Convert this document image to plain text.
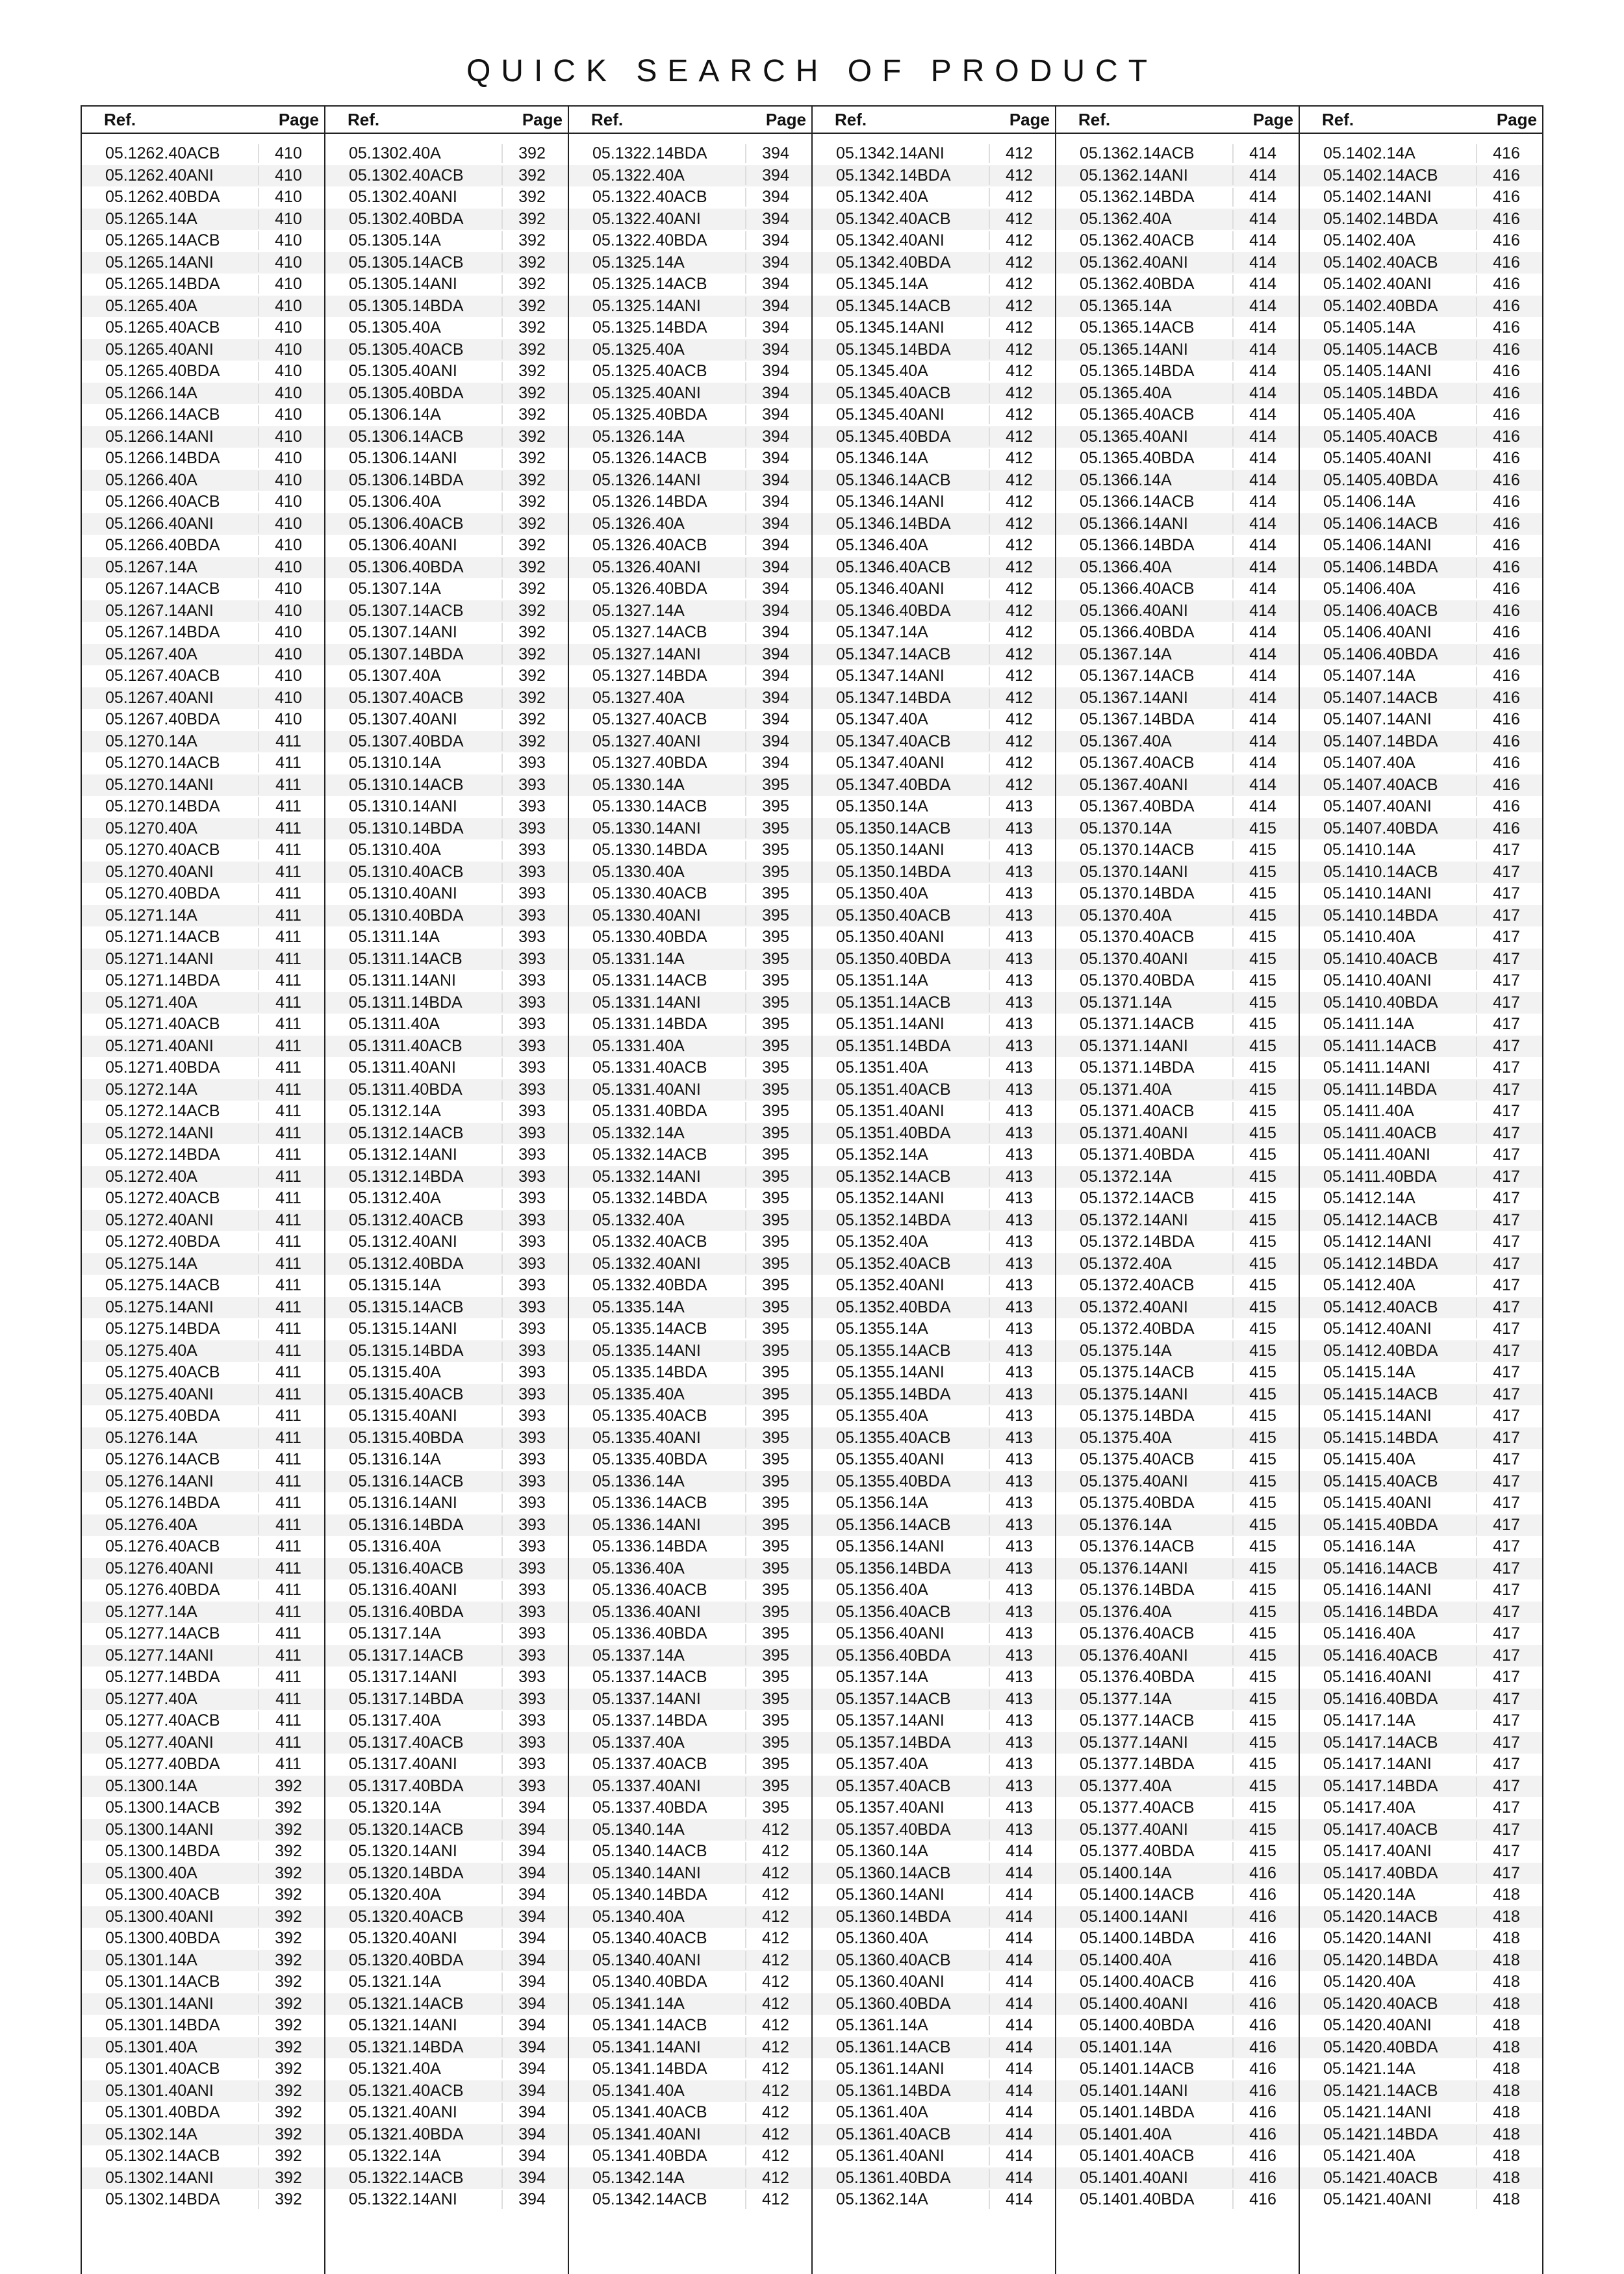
QUICK SEARCH OF PRODUCT
Ref.	Page
05.1262.40ACB	410
05.1262.40ANI	410
05.1262.40BDA	410
05.1265.14A	410
05.1265.14ACB	410
05.1265.14ANI	410
05.1265.14BDA	410
05.1265.40A	410
05.1265.40ACB	410
05.1265.40ANI	410
05.1265.40BDA	410
05.1266.14A	410
05.1266.14ACB	410
05.1266.14ANI	410
05.1266.14BDA	410
05.1266.40A	410
05.1266.40ACB	410
05.1266.40ANI	410
05.1266.40BDA	410
05.1267.14A	410
05.1267.14ACB	410
05.1267.14ANI	410
05.1267.14BDA	410
05.1267.40A	410
05.1267.40ACB	410
05.1267.40ANI	410
05.1267.40BDA	410
05.1270.14A	411
05.1270.14ACB	411
05.1270.14ANI	411
05.1270.14BDA	411
05.1270.40A	411
05.1270.40ACB	411
05.1270.40ANI	411
05.1270.40BDA	411
05.1271.14A	411
05.1271.14ACB	411
05.1271.14ANI	411
05.1271.14BDA	411
05.1271.40A	411
05.1271.40ACB	411
05.1271.40ANI	411
05.1271.40BDA	411
05.1272.14A	411
05.1272.14ACB	411
05.1272.14ANI	411
05.1272.14BDA	411
05.1272.40A	411
05.1272.40ACB	411
05.1272.40ANI	411
05.1272.40BDA	411
05.1275.14A	411
05.1275.14ACB	411
05.1275.14ANI	411
05.1275.14BDA	411
05.1275.40A	411
05.1275.40ACB	411
05.1275.40ANI	411
05.1275.40BDA	411
05.1276.14A	411
05.1276.14ACB	411
05.1276.14ANI	411
05.1276.14BDA	411
05.1276.40A	411
05.1276.40ACB	411
05.1276.40ANI	411
05.1276.40BDA	411
05.1277.14A	411
05.1277.14ACB	411
05.1277.14ANI	411
05.1277.14BDA	411
05.1277.40A	411
05.1277.40ACB	411
05.1277.40ANI	411
05.1277.40BDA	411
05.1300.14A	392
05.1300.14ACB	392
05.1300.14ANI	392
05.1300.14BDA	392
05.1300.40A	392
05.1300.40ACB	392
05.1300.40ANI	392
05.1300.40BDA	392
05.1301.14A	392
05.1301.14ACB	392
05.1301.14ANI	392
05.1301.14BDA	392
05.1301.40A	392
05.1301.40ACB	392
05.1301.40ANI	392
05.1301.40BDA	392
05.1302.14A	392
05.1302.14ACB	392
05.1302.14ANI	392
05.1302.14BDA	392
Ref.	Page
05.1302.40A	392
05.1302.40ACB	392
05.1302.40ANI	392
05.1302.40BDA	392
05.1305.14A	392
05.1305.14ACB	392
05.1305.14ANI	392
05.1305.14BDA	392
05.1305.40A	392
05.1305.40ACB	392
05.1305.40ANI	392
05.1305.40BDA	392
05.1306.14A	392
05.1306.14ACB	392
05.1306.14ANI	392
05.1306.14BDA	392
05.1306.40A	392
05.1306.40ACB	392
05.1306.40ANI	392
05.1306.40BDA	392
05.1307.14A	392
05.1307.14ACB	392
05.1307.14ANI	392
05.1307.14BDA	392
05.1307.40A	392
05.1307.40ACB	392
05.1307.40ANI	392
05.1307.40BDA	392
05.1310.14A	393
05.1310.14ACB	393
05.1310.14ANI	393
05.1310.14BDA	393
05.1310.40A	393
05.1310.40ACB	393
05.1310.40ANI	393
05.1310.40BDA	393
05.1311.14A	393
05.1311.14ACB	393
05.1311.14ANI	393
05.1311.14BDA	393
05.1311.40A	393
05.1311.40ACB	393
05.1311.40ANI	393
05.1311.40BDA	393
05.1312.14A	393
05.1312.14ACB	393
05.1312.14ANI	393
05.1312.14BDA	393
05.1312.40A	393
05.1312.40ACB	393
05.1312.40ANI	393
05.1312.40BDA	393
05.1315.14A	393
05.1315.14ACB	393
05.1315.14ANI	393
05.1315.14BDA	393
05.1315.40A	393
05.1315.40ACB	393
05.1315.40ANI	393
05.1315.40BDA	393
05.1316.14A	393
05.1316.14ACB	393
05.1316.14ANI	393
05.1316.14BDA	393
05.1316.40A	393
05.1316.40ACB	393
05.1316.40ANI	393
05.1316.40BDA	393
05.1317.14A	393
05.1317.14ACB	393
05.1317.14ANI	393
05.1317.14BDA	393
05.1317.40A	393
05.1317.40ACB	393
05.1317.40ANI	393
05.1317.40BDA	393
05.1320.14A	394
05.1320.14ACB	394
05.1320.14ANI	394
05.1320.14BDA	394
05.1320.40A	394
05.1320.40ACB	394
05.1320.40ANI	394
05.1320.40BDA	394
05.1321.14A	394
05.1321.14ACB	394
05.1321.14ANI	394
05.1321.14BDA	394
05.1321.40A	394
05.1321.40ACB	394
05.1321.40ANI	394
05.1321.40BDA	394
05.1322.14A	394
05.1322.14ACB	394
05.1322.14ANI	394
Ref.	Page
05.1322.14BDA	394
05.1322.40A	394
05.1322.40ACB	394
05.1322.40ANI	394
05.1322.40BDA	394
05.1325.14A	394
05.1325.14ACB	394
05.1325.14ANI	394
05.1325.14BDA	394
05.1325.40A	394
05.1325.40ACB	394
05.1325.40ANI	394
05.1325.40BDA	394
05.1326.14A	394
05.1326.14ACB	394
05.1326.14ANI	394
05.1326.14BDA	394
05.1326.40A	394
05.1326.40ACB	394
05.1326.40ANI	394
05.1326.40BDA	394
05.1327.14A	394
05.1327.14ACB	394
05.1327.14ANI	394
05.1327.14BDA	394
05.1327.40A	394
05.1327.40ACB	394
05.1327.40ANI	394
05.1327.40BDA	394
05.1330.14A	395
05.1330.14ACB	395
05.1330.14ANI	395
05.1330.14BDA	395
05.1330.40A	395
05.1330.40ACB	395
05.1330.40ANI	395
05.1330.40BDA	395
05.1331.14A	395
05.1331.14ACB	395
05.1331.14ANI	395
05.1331.14BDA	395
05.1331.40A	395
05.1331.40ACB	395
05.1331.40ANI	395
05.1331.40BDA	395
05.1332.14A	395
05.1332.14ACB	395
05.1332.14ANI	395
05.1332.14BDA	395
05.1332.40A	395
05.1332.40ACB	395
05.1332.40ANI	395
05.1332.40BDA	395
05.1335.14A	395
05.1335.14ACB	395
05.1335.14ANI	395
05.1335.14BDA	395
05.1335.40A	395
05.1335.40ACB	395
05.1335.40ANI	395
05.1335.40BDA	395
05.1336.14A	395
05.1336.14ACB	395
05.1336.14ANI	395
05.1336.14BDA	395
05.1336.40A	395
05.1336.40ACB	395
05.1336.40ANI	395
05.1336.40BDA	395
05.1337.14A	395
05.1337.14ACB	395
05.1337.14ANI	395
05.1337.14BDA	395
05.1337.40A	395
05.1337.40ACB	395
05.1337.40ANI	395
05.1337.40BDA	395
05.1340.14A	412
05.1340.14ACB	412
05.1340.14ANI	412
05.1340.14BDA	412
05.1340.40A	412
05.1340.40ACB	412
05.1340.40ANI	412
05.1340.40BDA	412
05.1341.14A	412
05.1341.14ACB	412
05.1341.14ANI	412
05.1341.14BDA	412
05.1341.40A	412
05.1341.40ACB	412
05.1341.40ANI	412
05.1341.40BDA	412
05.1342.14A	412
05.1342.14ACB	412
Ref.	Page
05.1342.14ANI	412
05.1342.14BDA	412
05.1342.40A	412
05.1342.40ACB	412
05.1342.40ANI	412
05.1342.40BDA	412
05.1345.14A	412
05.1345.14ACB	412
05.1345.14ANI	412
05.1345.14BDA	412
05.1345.40A	412
05.1345.40ACB	412
05.1345.40ANI	412
05.1345.40BDA	412
05.1346.14A	412
05.1346.14ACB	412
05.1346.14ANI	412
05.1346.14BDA	412
05.1346.40A	412
05.1346.40ACB	412
05.1346.40ANI	412
05.1346.40BDA	412
05.1347.14A	412
05.1347.14ACB	412
05.1347.14ANI	412
05.1347.14BDA	412
05.1347.40A	412
05.1347.40ACB	412
05.1347.40ANI	412
05.1347.40BDA	412
05.1350.14A	413
05.1350.14ACB	413
05.1350.14ANI	413
05.1350.14BDA	413
05.1350.40A	413
05.1350.40ACB	413
05.1350.40ANI	413
05.1350.40BDA	413
05.1351.14A	413
05.1351.14ACB	413
05.1351.14ANI	413
05.1351.14BDA	413
05.1351.40A	413
05.1351.40ACB	413
05.1351.40ANI	413
05.1351.40BDA	413
05.1352.14A	413
05.1352.14ACB	413
05.1352.14ANI	413
05.1352.14BDA	413
05.1352.40A	413
05.1352.40ACB	413
05.1352.40ANI	413
05.1352.40BDA	413
05.1355.14A	413
05.1355.14ACB	413
05.1355.14ANI	413
05.1355.14BDA	413
05.1355.40A	413
05.1355.40ACB	413
05.1355.40ANI	413
05.1355.40BDA	413
05.1356.14A	413
05.1356.14ACB	413
05.1356.14ANI	413
05.1356.14BDA	413
05.1356.40A	413
05.1356.40ACB	413
05.1356.40ANI	413
05.1356.40BDA	413
05.1357.14A	413
05.1357.14ACB	413
05.1357.14ANI	413
05.1357.14BDA	413
05.1357.40A	413
05.1357.40ACB	413
05.1357.40ANI	413
05.1357.40BDA	413
05.1360.14A	414
05.1360.14ACB	414
05.1360.14ANI	414
05.1360.14BDA	414
05.1360.40A	414
05.1360.40ACB	414
05.1360.40ANI	414
05.1360.40BDA	414
05.1361.14A	414
05.1361.14ACB	414
05.1361.14ANI	414
05.1361.14BDA	414
05.1361.40A	414
05.1361.40ACB	414
05.1361.40ANI	414
05.1361.40BDA	414
05.1362.14A	414
Ref.	Page
05.1362.14ACB	414
05.1362.14ANI	414
05.1362.14BDA	414
05.1362.40A	414
05.1362.40ACB	414
05.1362.40ANI	414
05.1362.40BDA	414
05.1365.14A	414
05.1365.14ACB	414
05.1365.14ANI	414
05.1365.14BDA	414
05.1365.40A	414
05.1365.40ACB	414
05.1365.40ANI	414
05.1365.40BDA	414
05.1366.14A	414
05.1366.14ACB	414
05.1366.14ANI	414
05.1366.14BDA	414
05.1366.40A	414
05.1366.40ACB	414
05.1366.40ANI	414
05.1366.40BDA	414
05.1367.14A	414
05.1367.14ACB	414
05.1367.14ANI	414
05.1367.14BDA	414
05.1367.40A	414
05.1367.40ACB	414
05.1367.40ANI	414
05.1367.40BDA	414
05.1370.14A	415
05.1370.14ACB	415
05.1370.14ANI	415
05.1370.14BDA	415
05.1370.40A	415
05.1370.40ACB	415
05.1370.40ANI	415
05.1370.40BDA	415
05.1371.14A	415
05.1371.14ACB	415
05.1371.14ANI	415
05.1371.14BDA	415
05.1371.40A	415
05.1371.40ACB	415
05.1371.40ANI	415
05.1371.40BDA	415
05.1372.14A	415
05.1372.14ACB	415
05.1372.14ANI	415
05.1372.14BDA	415
05.1372.40A	415
05.1372.40ACB	415
05.1372.40ANI	415
05.1372.40BDA	415
05.1375.14A	415
05.1375.14ACB	415
05.1375.14ANI	415
05.1375.14BDA	415
05.1375.40A	415
05.1375.40ACB	415
05.1375.40ANI	415
05.1375.40BDA	415
05.1376.14A	415
05.1376.14ACB	415
05.1376.14ANI	415
05.1376.14BDA	415
05.1376.40A	415
05.1376.40ACB	415
05.1376.40ANI	415
05.1376.40BDA	415
05.1377.14A	415
05.1377.14ACB	415
05.1377.14ANI	415
05.1377.14BDA	415
05.1377.40A	415
05.1377.40ACB	415
05.1377.40ANI	415
05.1377.40BDA	415
05.1400.14A	416
05.1400.14ACB	416
05.1400.14ANI	416
05.1400.14BDA	416
05.1400.40A	416
05.1400.40ACB	416
05.1400.40ANI	416
05.1400.40BDA	416
05.1401.14A	416
05.1401.14ACB	416
05.1401.14ANI	416
05.1401.14BDA	416
05.1401.40A	416
05.1401.40ACB	416
05.1401.40ANI	416
05.1401.40BDA	416
Ref.	Page
05.1402.14A	416
05.1402.14ACB	416
05.1402.14ANI	416
05.1402.14BDA	416
05.1402.40A	416
05.1402.40ACB	416
05.1402.40ANI	416
05.1402.40BDA	416
05.1405.14A	416
05.1405.14ACB	416
05.1405.14ANI	416
05.1405.14BDA	416
05.1405.40A	416
05.1405.40ACB	416
05.1405.40ANI	416
05.1405.40BDA	416
05.1406.14A	416
05.1406.14ACB	416
05.1406.14ANI	416
05.1406.14BDA	416
05.1406.40A	416
05.1406.40ACB	416
05.1406.40ANI	416
05.1406.40BDA	416
05.1407.14A	416
05.1407.14ACB	416
05.1407.14ANI	416
05.1407.14BDA	416
05.1407.40A	416
05.1407.40ACB	416
05.1407.40ANI	416
05.1407.40BDA	416
05.1410.14A	417
05.1410.14ACB	417
05.1410.14ANI	417
05.1410.14BDA	417
05.1410.40A	417
05.1410.40ACB	417
05.1410.40ANI	417
05.1410.40BDA	417
05.1411.14A	417
05.1411.14ACB	417
05.1411.14ANI	417
05.1411.14BDA	417
05.1411.40A	417
05.1411.40ACB	417
05.1411.40ANI	417
05.1411.40BDA	417
05.1412.14A	417
05.1412.14ACB	417
05.1412.14ANI	417
05.1412.14BDA	417
05.1412.40A	417
05.1412.40ACB	417
05.1412.40ANI	417
05.1412.40BDA	417
05.1415.14A	417
05.1415.14ACB	417
05.1415.14ANI	417
05.1415.14BDA	417
05.1415.40A	417
05.1415.40ACB	417
05.1415.40ANI	417
05.1415.40BDA	417
05.1416.14A	417
05.1416.14ACB	417
05.1416.14ANI	417
05.1416.14BDA	417
05.1416.40A	417
05.1416.40ACB	417
05.1416.40ANI	417
05.1416.40BDA	417
05.1417.14A	417
05.1417.14ACB	417
05.1417.14ANI	417
05.1417.14BDA	417
05.1417.40A	417
05.1417.40ACB	417
05.1417.40ANI	417
05.1417.40BDA	417
05.1420.14A	418
05.1420.14ACB	418
05.1420.14ANI	418
05.1420.14BDA	418
05.1420.40A	418
05.1420.40ACB	418
05.1420.40ANI	418
05.1420.40BDA	418
05.1421.14A	418
05.1421.14ACB	418
05.1421.14ANI	418
05.1421.14BDA	418
05.1421.40A	418
05.1421.40ACB	418
05.1421.40ANI	418
